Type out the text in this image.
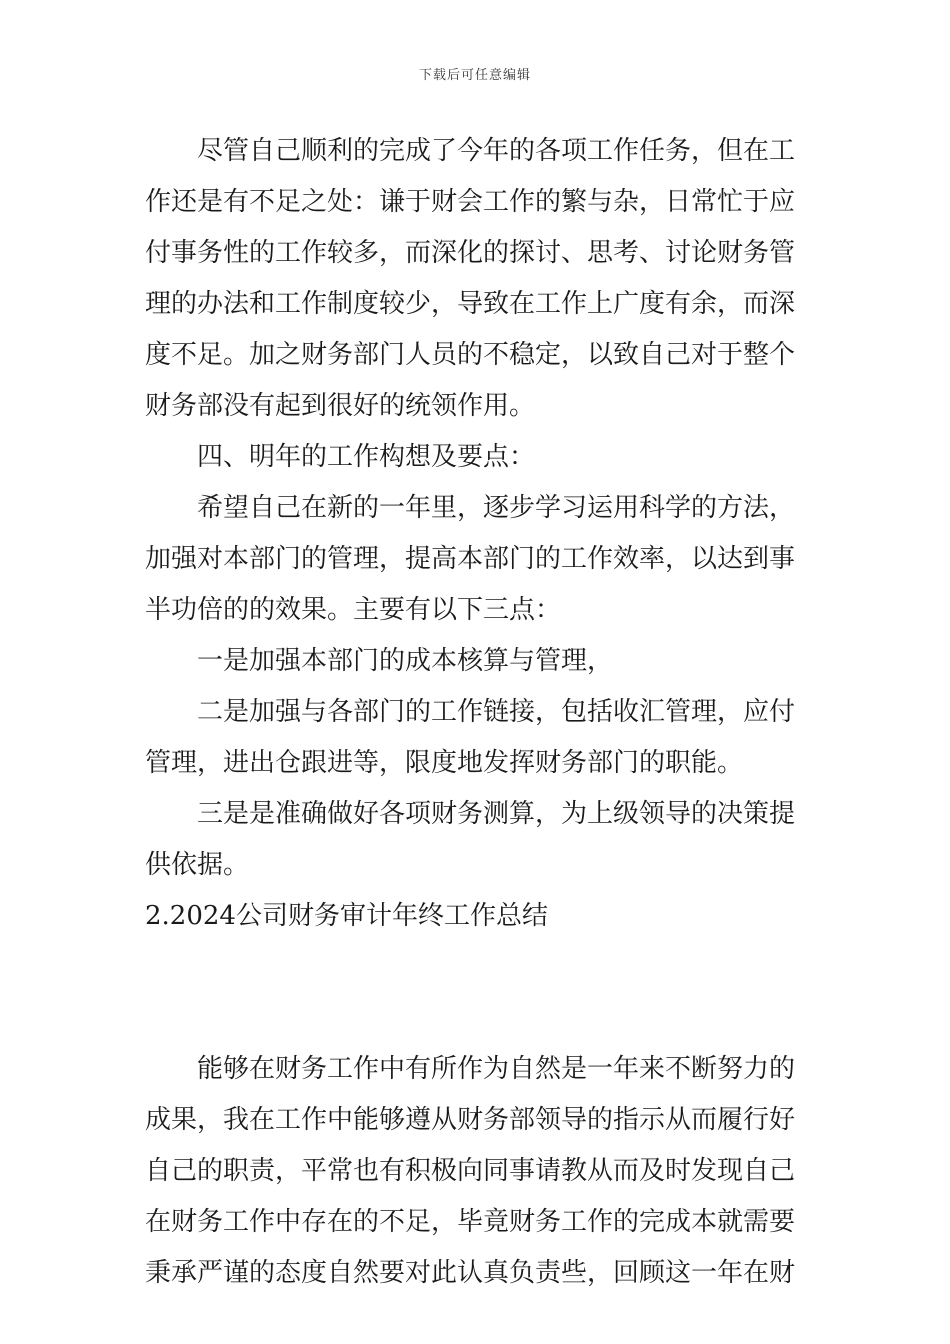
下载后可任意编辑

尽管自己顺利的完成了今年的各项工作任务，但在工作还是有不足之处：谦于财会工作的繁与杂，日常忙于应付事务性的工作较多，而深化的探讨、思考、讨论财务管理的办法和工作制度较少，导致在工作上广度有余，而深度不足。加之财务部门人员的不稳定，以致自己对于整个财务部没有起到很好的统领作用。

四、明年的工作构想及要点：

希望自己在新的一年里，逐步学习运用科学的方法，加强对本部门的管理，提高本部门的工作效率，以达到事半功倍的的效果。主要有以下三点：

一是加强本部门的成本核算与管理，

二是加强与各部门的工作链接，包括收汇管理，应付管理，进出仓跟进等，限度地发挥财务部门的职能。

三是是准确做好各项财务测算，为上级领导的决策提供依据。

2.2024公司财务审计年终工作总结

能够在财务工作中有所作为自然是一年来不断努力的成果，我在工作中能够遵从财务部领导的指示从而履行好自己的职责，平常也有积极向同事请教从而及时发现自己在财务工作中存在的不足，毕竟财务工作的完成本就需要秉承严谨的态度自然要对此认真负责些，回顾这一年在财
